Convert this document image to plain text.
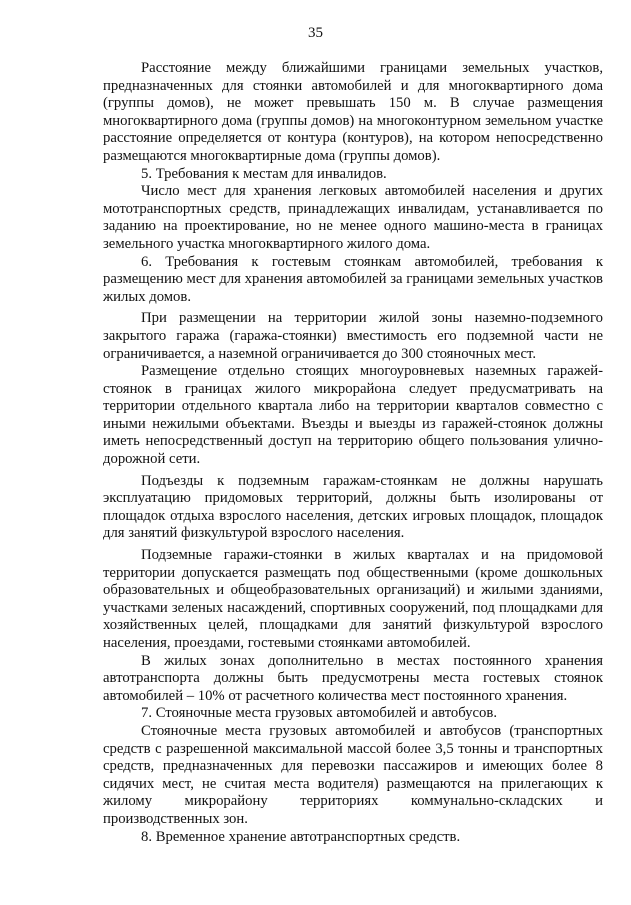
35

Расстояние между ближайшими границами земельных участков, предназначенных для стоянки автомобилей и для многоквартирного дома (группы домов), не может превышать 150 м. В случае размещения многоквартирного дома (группы домов) на многоконтурном земельном участке расстояние определяется от контура (контуров), на котором непосредственно размещаются многоквартирные дома (группы домов).

5. Требования к местам для инвалидов.

Число мест для хранения легковых автомобилей населения и других мототранспортных средств, принадлежащих инвалидам, устанавливается по заданию на проектирование, но не менее одного машино-места в границах земельного участка многоквартирного жилого дома.

6. Требования к гостевым стоянкам автомобилей, требования к размещению мест для хранения автомобилей за границами земельных участков жилых домов.

При размещении на территории жилой зоны наземно-подземного закрытого гаража (гаража-стоянки) вместимость его подземной части не ограничивается, а наземной ограничивается до 300 стояночных мест.

Размещение отдельно стоящих многоуровневых наземных гаражей-стоянок в границах жилого микрорайона следует предусматривать на территории отдельного квартала либо на территории кварталов совместно с иными нежилыми объектами. Въезды и выезды из гаражей-стоянок должны иметь непосредственный доступ на территорию общего пользования улично-дорожной сети.

Подъезды к подземным гаражам-стоянкам не должны нарушать эксплуатацию придомовых территорий, должны быть изолированы от площадок отдыха взрослого населения, детских игровых площадок, площадок для занятий физкультурой взрослого населения.

Подземные гаражи-стоянки в жилых кварталах и на придомовой территории допускается размещать под общественными (кроме дошкольных образовательных и общеобразовательных организаций) и жилыми зданиями, участками зеленых насаждений, спортивных сооружений, под площадками для хозяйственных целей, площадками для занятий физкультурой взрослого населения, проездами, гостевыми стоянками автомобилей.

В жилых зонах дополнительно в местах постоянного хранения автотранспорта должны быть предусмотрены места гостевых стоянок автомобилей – 10% от расчетного количества мест постоянного хранения.

7. Стояночные места грузовых автомобилей и автобусов.

Стояночные места грузовых автомобилей и автобусов (транспортных средств с разрешенной максимальной массой более 3,5 тонны и транспортных средств, предназначенных для перевозки пассажиров и имеющих более 8 сидячих мест, не считая места водителя) размещаются на прилегающих к жилому микрорайону территориях коммунально-складских и производственных зон.

8. Временное хранение автотранспортных средств.
